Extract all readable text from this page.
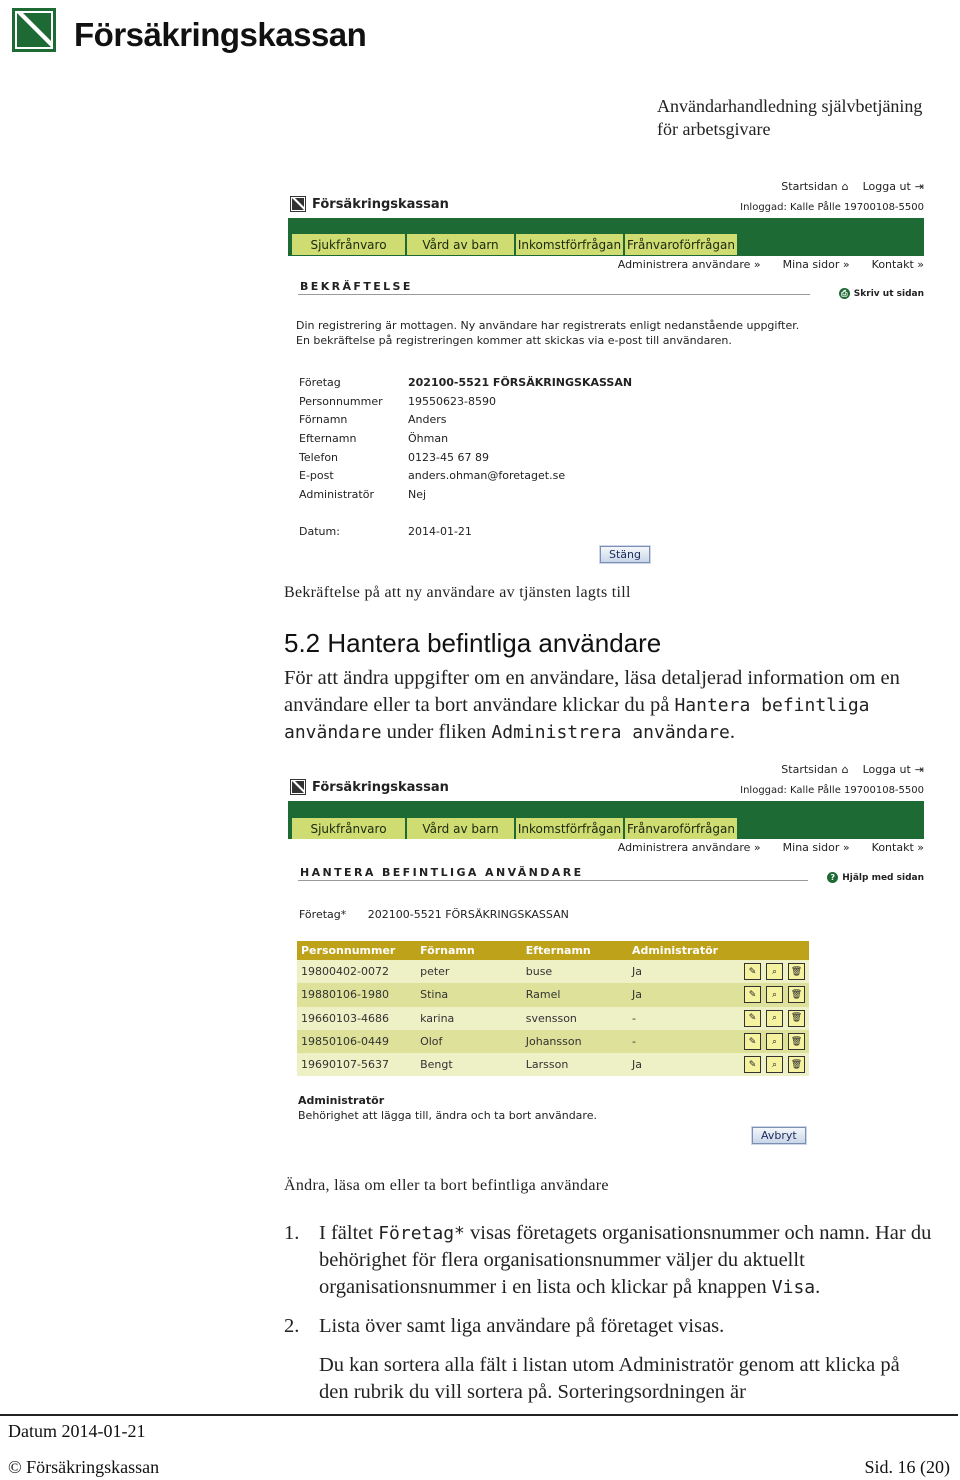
Försäkringskassan
Användarhandledning självbetjäning
för arbetsgivare
Startsidan ⌂ Logga ut ⇥
Inloggad: Kalle Pålle 19700108-5500
Försäkringskassan
Sjukfrånvaro	Vård av barn	Inkomstförfrågan Frånvaroförfrågan
Administrera användare » Mina sidor » Kontakt »
BEKRÄFTELSE	⎙ Skriv ut sidan
Din registrering är mottagen. Ny användare har registrerats enligt nedanstående uppgifter.
En bekräftelse på registreringen kommer att skickas via e-post till användaren.
Företag	202100-5521 FÖRSÄKRINGSKASSAN
Personnummer 19550623-8590
Förnamn	Anders
Efternamn	Öhman
Telefon	0123-45 67 89
E-post	anders.ohman@foretaget.se
Administratör	Nej
Datum:	2014-01-21
Stäng
Bekräftelse på att ny användare av tjänsten lagts till
5.2 Hantera befintliga användare
För att ändra uppgifter om en användare, läsa detaljerad information om en användare eller ta bort användare klickar du på Hantera befintliga användare under fliken Administrera användare.
Startsidan ⌂ Logga ut ⇥
Inloggad: Kalle Pålle 19700108-5500
Försäkringskassan
Sjukfrånvaro	Vård av barn	Inkomstförfrågan Frånvaroförfrågan
Administrera användare » Mina sidor » Kontakt »
HANTERA BEFINTLIGA ANVÄNDARE	? Hjälp med sidan
Företag* 202100-5521 FÖRSÄKRINGSKASSAN
Personnummer	Förnamn	Efternamn	Administratör	
19800402-0072	peter	buse	Ja	✎ ⌕ 🗑

19880106-1980	Stina	Ramel	Ja	✎ ⌕ 🗑

19660103-4686	karina	svensson	-	✎ ⌕ 🗑

19850106-0449	Olof	Johansson	-	✎ ⌕ 🗑

19690107-5637	Bengt	Larsson	Ja	✎ ⌕ 🗑
Administratör
Behörighet att lägga till, ändra och ta bort användare.
Avbryt
Ändra, läsa om eller ta bort befintliga användare
1. I fältet Företag* visas företagets organisationsnummer och namn. Har du behörighet för flera organisationsnummer väljer du aktuellt organisationsnummer i en lista och klickar på knappen Visa.
2. Lista över samt liga användare på företaget visas.
Du kan sortera alla fält i listan utom Administratör genom att klicka på den rubrik du vill sortera på. Sorteringsordningen är
Datum 2014-01-21
© Försäkringskassan	Sid. 16 (20)
